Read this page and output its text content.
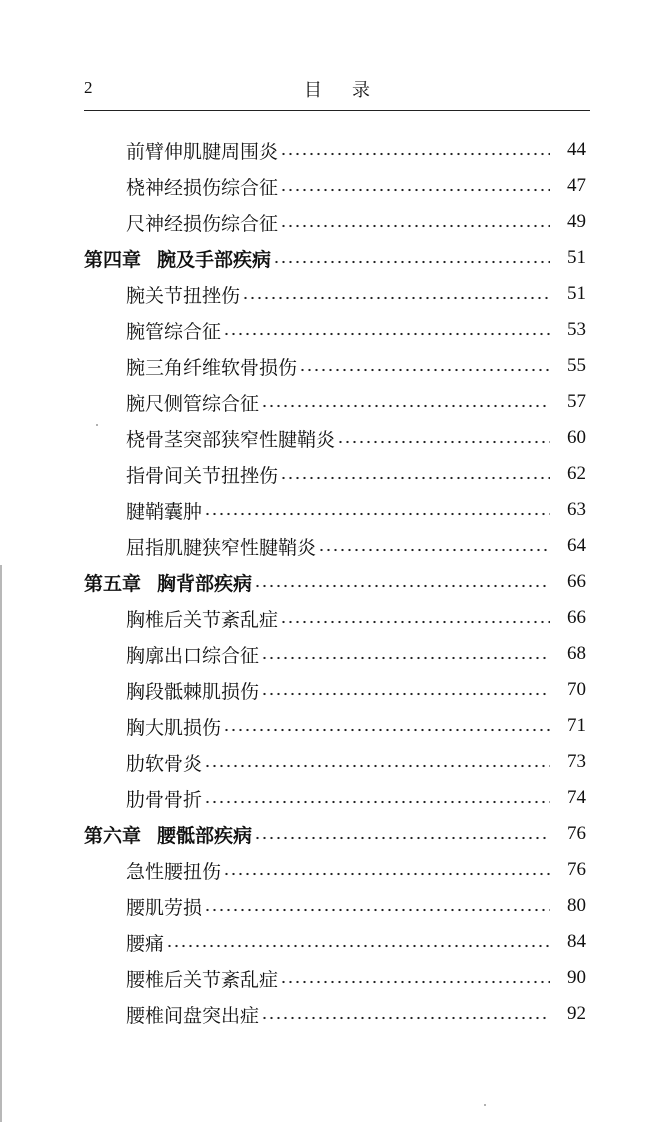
2	目录
前臂伸肌腱周围炎	44
桡神经损伤综合征	47
尺神经损伤综合征	49
第四章 腕及手部疾病	51
腕关节扭挫伤	51
腕管综合征	53
腕三角纤维软骨损伤	55
腕尺侧管综合征	57
桡骨茎突部狭窄性腱鞘炎	60
指骨间关节扭挫伤	62
腱鞘囊肿	63
屈指肌腱狭窄性腱鞘炎	64
第五章 胸背部疾病	66
胸椎后关节紊乱症	66
胸廓出口综合征	68
胸段骶棘肌损伤	70
胸大肌损伤	71
肋软骨炎	73
肋骨骨折	74
第六章 腰骶部疾病	76
急性腰扭伤	76
腰肌劳损	80
腰痛	84
腰椎后关节紊乱症	90
腰椎间盘突出症	92
